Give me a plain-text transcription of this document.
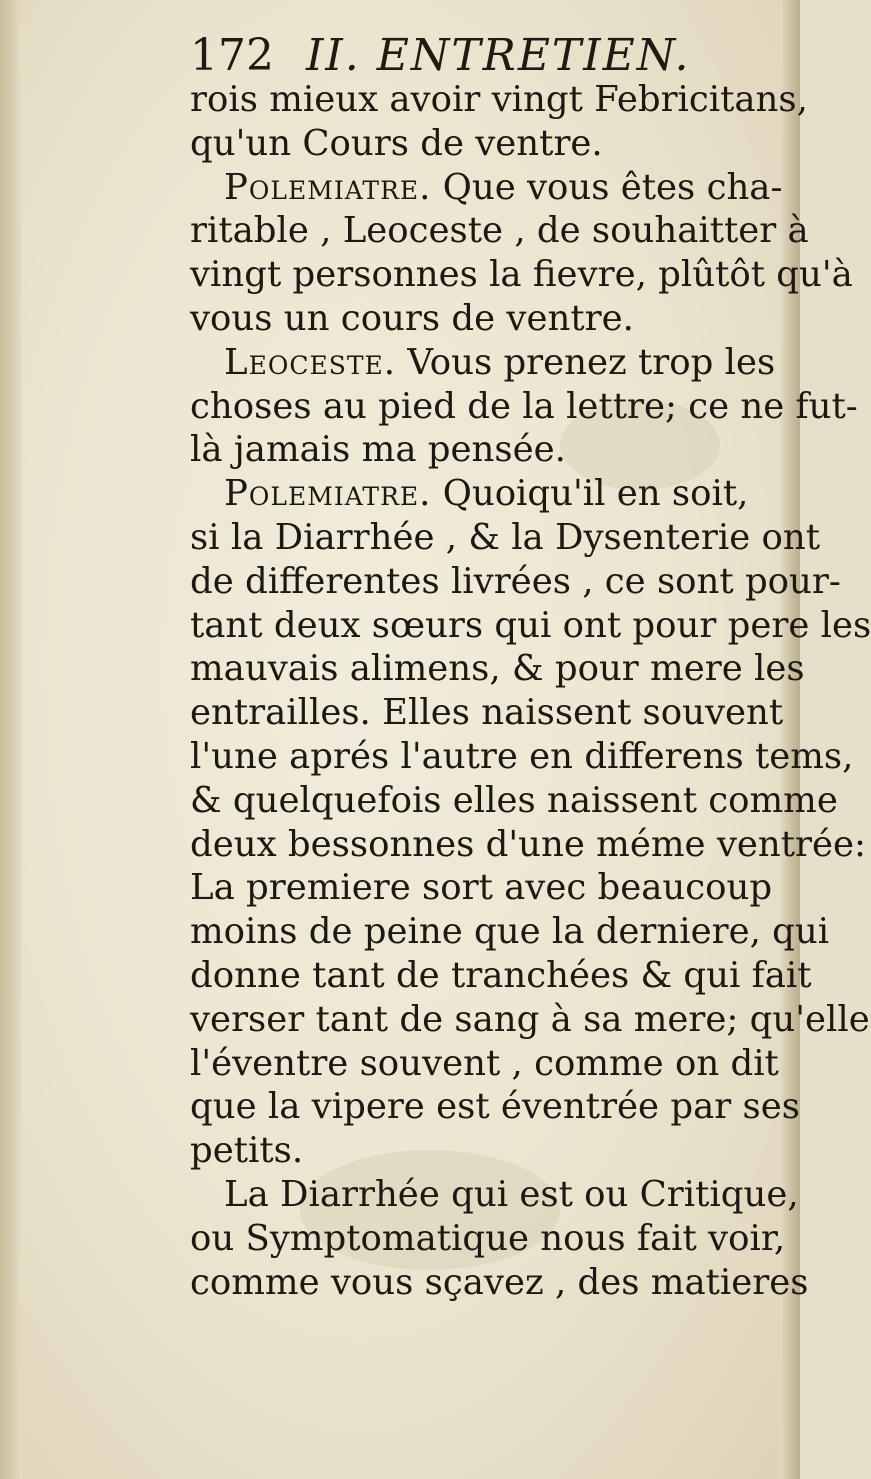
172 II. ENTRETIEN.
rois mieux avoir vingt Febricitans,
qu'un Cours de ventre.
Polemiatre. Que vous êtes cha-
ritable , Leoceste , de souhaitter à
vingt personnes la fievre, plûtôt qu'à
vous un cours de ventre.
Leoceste. Vous prenez trop les
choses au pied de la lettre; ce ne fut-
là jamais ma pensée.
Polemiatre. Quoiqu'il en soit,
si la Diarrhée , & la Dysenterie ont
de differentes livrées , ce sont pour-
tant deux sœurs qui ont pour pere les
mauvais alimens, & pour mere les
entrailles. Elles naissent souvent
l'une aprés l'autre en differens tems,
& quelquefois elles naissent comme
deux bessonnes d'une méme ventrée:
La premiere sort avec beaucoup
moins de peine que la derniere, qui
donne tant de tranchées & qui fait
verser tant de sang à sa mere; qu'elle
l'éventre souvent , comme on dit
que la vipere est éventrée par ses
petits.
La Diarrhée qui est ou Critique,
ou Symptomatique nous fait voir,
comme vous sçavez , des matieres
